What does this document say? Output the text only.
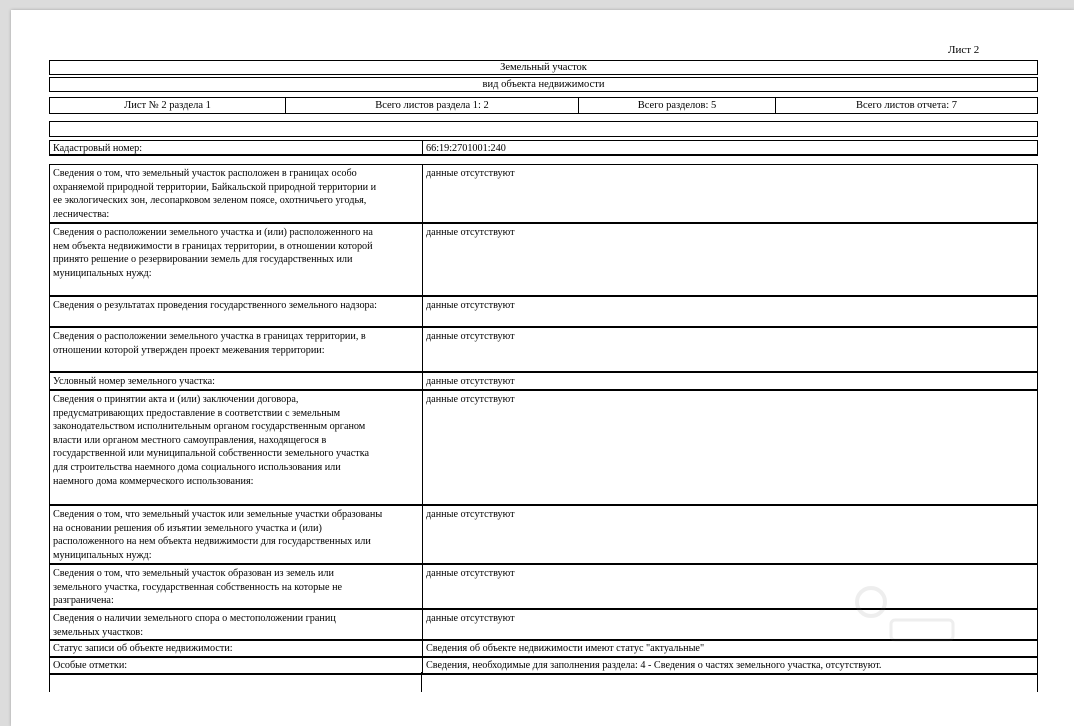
Лист 2
Земельный участок
вид объекта недвижимости
Лист № 2 раздела 1	Всего листов раздела 1: 2	Всего разделов: 5	Всего листов отчета: 7
Кадастровый номер:	66:19:2701001:240
Сведения о том, что земельный участок расположен в границах особо охраняемой природной территории, Байкальской природной территории и ее экологических зон, лесопарковом зеленом поясе, охотничьего угодья, лесничества:
данные отсутствуют
Сведения о расположении земельного участка и (или) расположенного на нем объекта недвижимости в границах территории, в отношении которой принято решение о резервировании земель для государственных или муниципальных нужд:
данные отсутствуют
Сведения о результатах проведения государственного земельного надзора:	данные отсутствуют
Сведения о расположении земельного участка в границах территории, в отношении которой утвержден проект межевания территории:
данные отсутствуют
Условный номер земельного участка:	данные отсутствуют
Сведения о принятии акта и (или) заключении договора, предусматривающих предоставление в соответствии с земельным законодательством исполнительным органом государственным органом власти или органом местного самоуправления, находящегося в государственной или муниципальной собственности земельного участка для строительства наемного дома социального использования или наемного дома коммерческого использования:
данные отсутствуют
Сведения о том, что земельный участок или земельные участки образованы на основании решения об изъятии земельного участка и (или) расположенного на нем объекта недвижимости для государственных или муниципальных нужд:
данные отсутствуют
Сведения о том, что земельный участок образован из земель или земельного участка, государственная собственность на которые не разграничена:
данные отсутствуют
Сведения о наличии земельного спора о местоположении границ земельных участков:
данные отсутствуют
Статус записи об объекте недвижимости:	Сведения об объекте недвижимости имеют статус "актуальные"
Особые отметки:	Сведения, необходимые для заполнения раздела: 4 - Сведения о частях земельного участка, отсутствуют.
